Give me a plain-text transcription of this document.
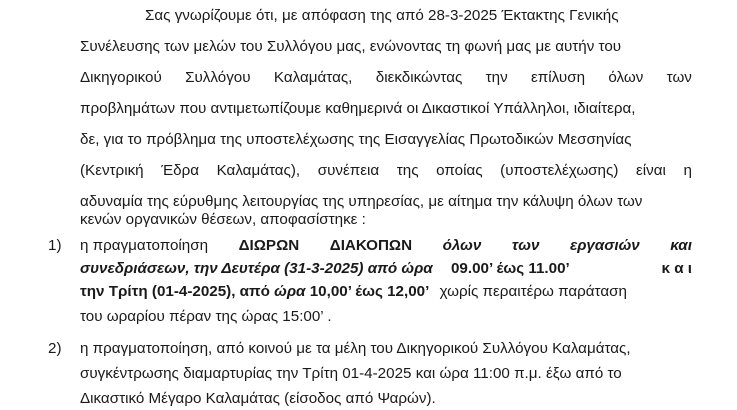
Σας γνωρίζουμε ότι, με απόφαση της από 28-3-2025 Έκτακτης Γενικής
Συνέλευσης των μελών του Συλλόγου μας, ενώνοντας τη φωνή μας με αυτήν του
Δικηγορικού Συλλόγου Καλαμάτας, διεκδικώντας την επίλυση όλων των
προβλημάτων που αντιμετωπίζουμε καθημερινά οι Δικαστικοί Υπάλληλοι, ιδιαίτερα,
δε, για το πρόβλημα της υποστελέχωσης της Εισαγγελίας Πρωτοδικών Μεσσηνίας
(Κεντρική Έδρα Καλαμάτας), συνέπεια της οποίας (υποστελέχωσης) είναι η
αδυναμία της εύρυθμης λειτουργίας της υπηρεσίας, με αίτημα την κάλυψη όλων των
κενών οργανικών θέσεων, αποφασίστηκε :
1) η πραγματοποίηση ΔΙΩΡΩΝ ΔΙΑΚΟΠΩΝ όλων των εργασιών και
συνεδριάσεων, την Δευτέρα (31-3-2025) από ώρα 09.00’ έως 11.00’	κ α ι
την Τρίτη (01-4-2025), από ώρα 10,00’ έως 12,00’ χωρίς περαιτέρω παράταση
του ωραρίου πέραν της ώρας 15:00’ .
2) η πραγματοποίηση, από κοινού με τα μέλη του Δικηγορικού Συλλόγου Καλαμάτας,
συγκέντρωσης διαμαρτυρίας την Τρίτη 01-4-2025 και ώρα 11:00 π.μ. έξω από το
Δικαστικό Μέγαρο Καλαμάτας (είσοδος από Ψαρών).
